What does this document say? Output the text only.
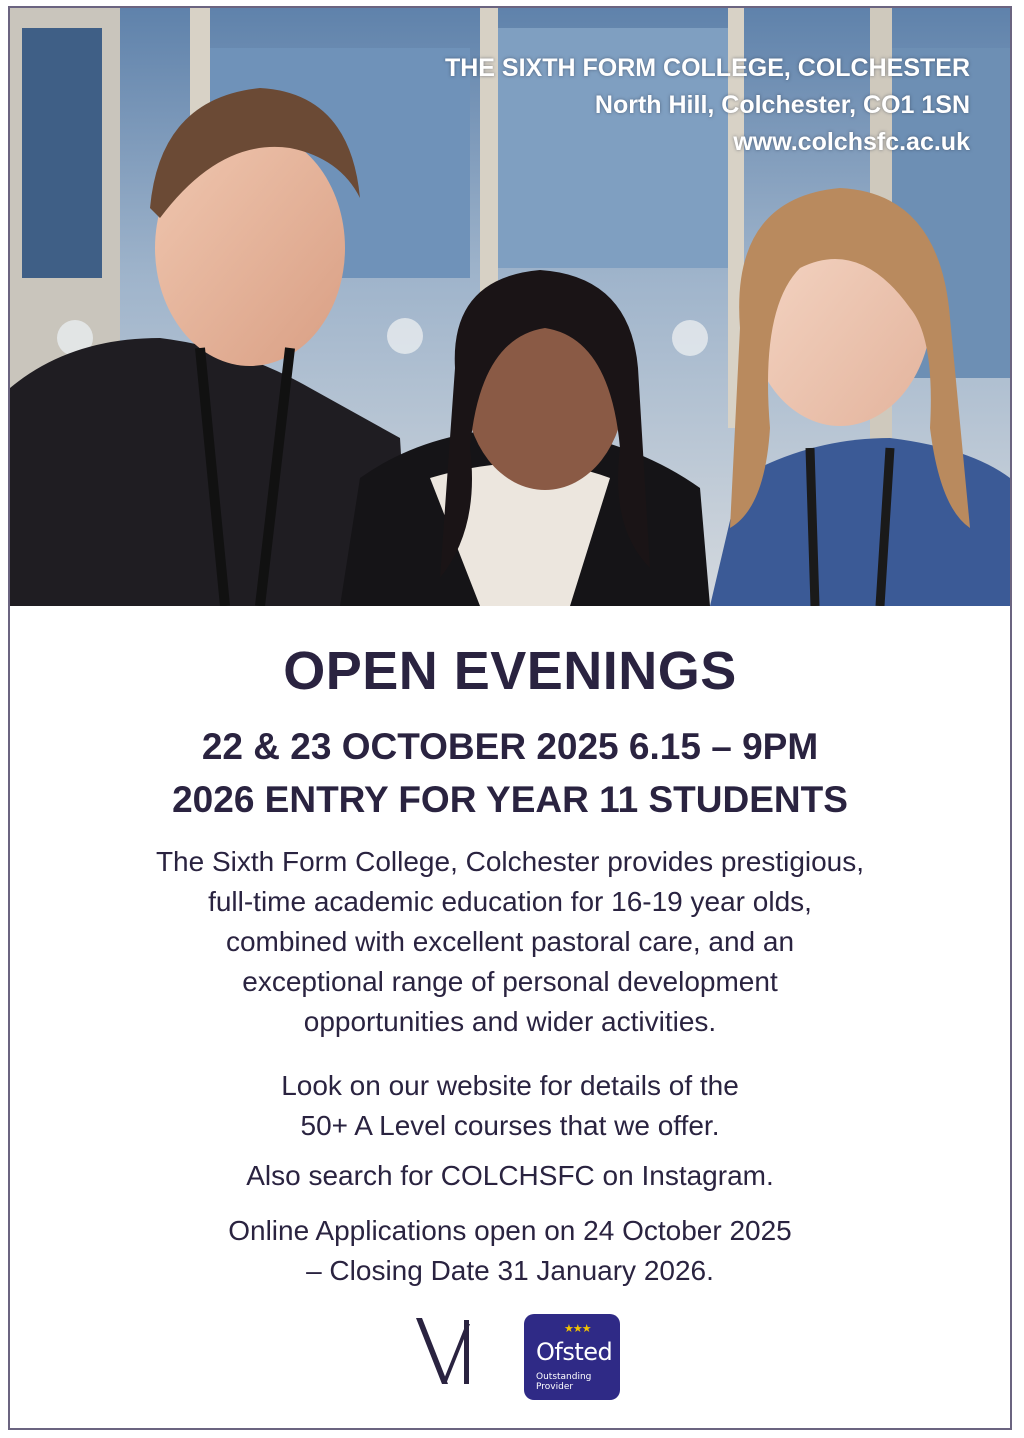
THE SIXTH FORM COLLEGE, COLCHESTER
North Hill, Colchester, CO1 1SN
www.colchsfc.ac.uk
OPEN EVENINGS
22 & 23 OCTOBER 2025 6.15 – 9PM
2026 ENTRY FOR YEAR 11 STUDENTS
The Sixth Form College, Colchester provides prestigious,
full-time academic education for 16-19 year olds,
combined with excellent pastoral care, and an
exceptional range of personal development
opportunities and wider activities.
Look on our website for details of the
50+ A Level courses that we offer.
Also search for COLCHSFC on Instagram.
Online Applications open on 24 October 2025
– Closing Date 31 January 2026.
★★★
Ofsted
Outstanding
Provider
